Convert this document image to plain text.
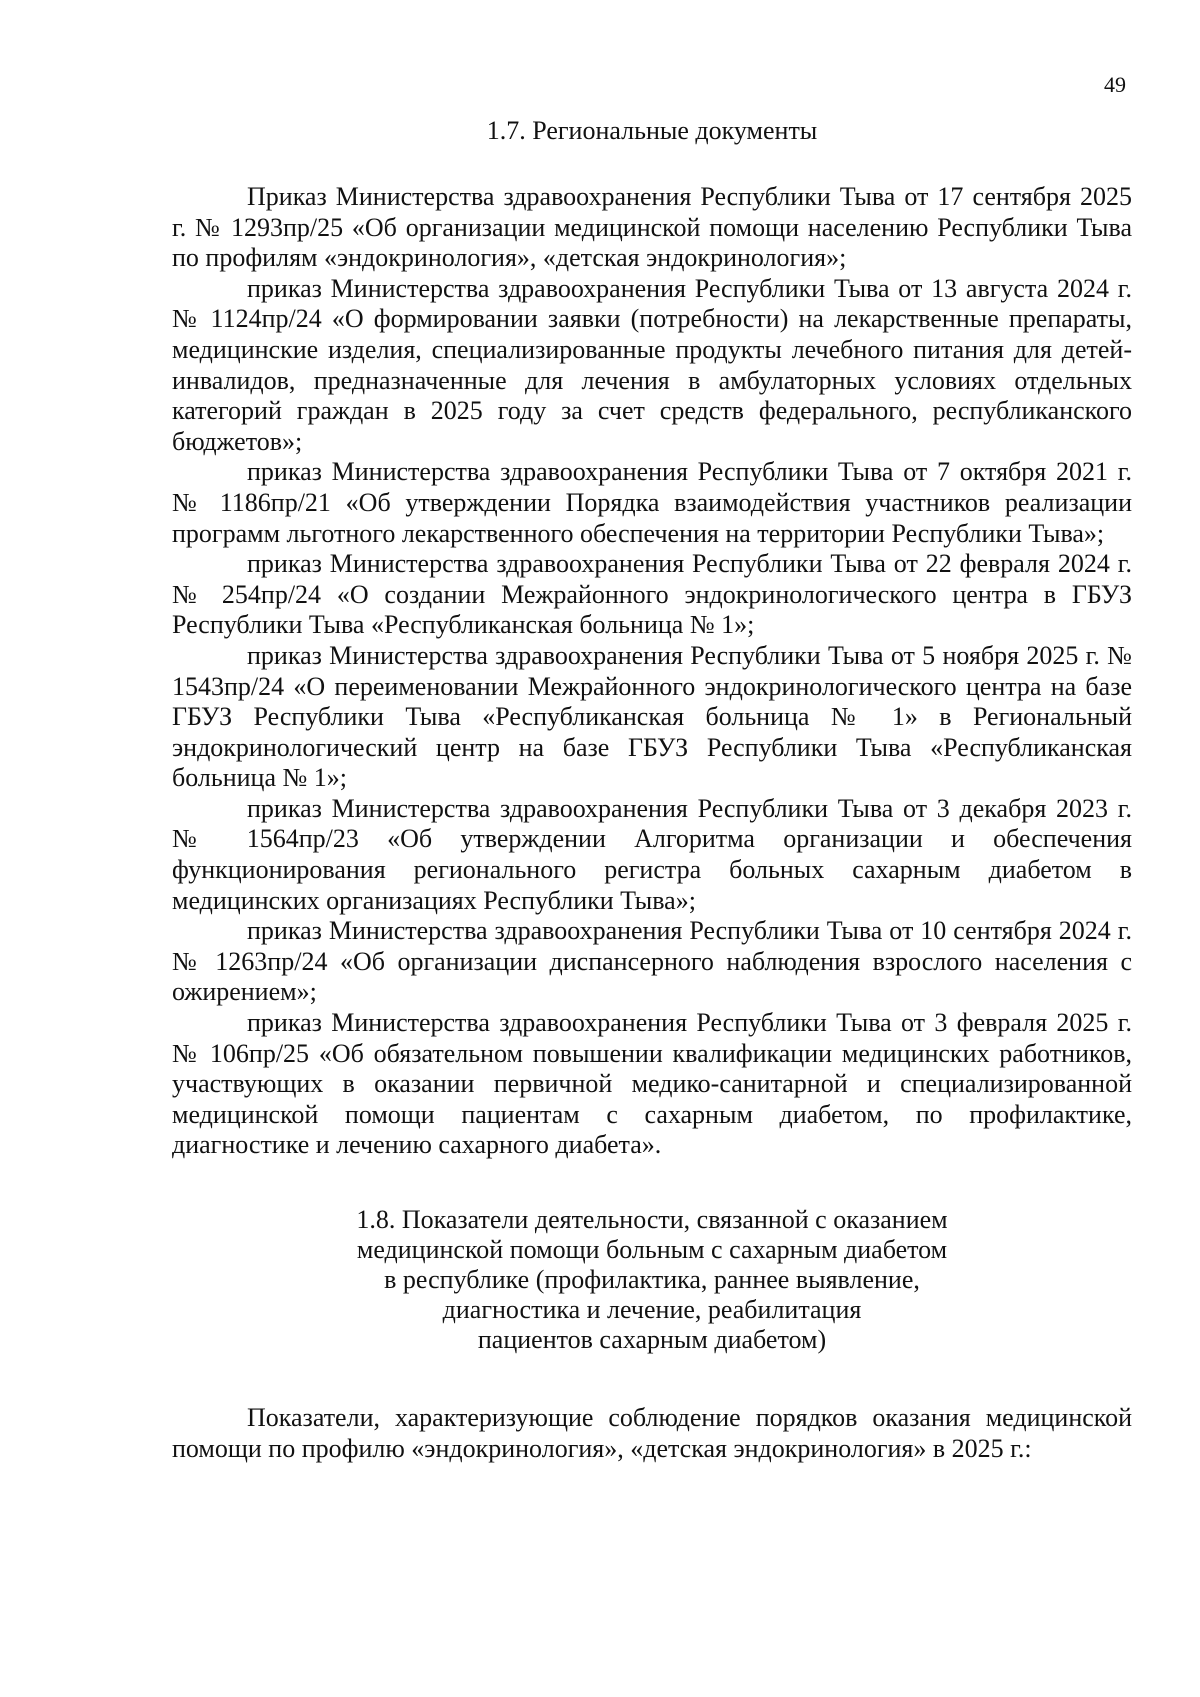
49
1.7. Региональные документы

Приказ Министерства здравоохранения Республики Тыва от 17 сентября 2025 г. № 1293пр/25 «Об организации медицинской помощи населению Республики Тыва по профилям «эндокринология», «детская эндокринология»;

приказ Министерства здравоохранения Республики Тыва от 13 августа 2024 г. № 1124пр/24 «О формировании заявки (потребности) на лекарственные препараты, медицинские изделия, специализированные продукты лечебного питания для детей-инвалидов, предназначенные для лечения в амбулаторных условиях отдельных категорий граждан в 2025 году за счет средств федерального, республиканского бюджетов»;

приказ Министерства здравоохранения Республики Тыва от 7 октября 2021 г. № 1186пр/21 «Об утверждении Порядка взаимодействия участников реализации программ льготного лекарственного обеспечения на территории Республики Тыва»;

приказ Министерства здравоохранения Республики Тыва от 22 февраля 2024 г. № 254пр/24 «О создании Межрайонного эндокринологического центра в ГБУЗ Республики Тыва «Республиканская больница № 1»;

приказ Министерства здравоохранения Республики Тыва от 5 ноября 2025 г. № 1543пр/24 «О переименовании Межрайонного эндокринологического центра на базе ГБУЗ Республики Тыва «Республиканская больница № 1» в Региональный эндокринологический центр на базе ГБУЗ Республики Тыва «Республиканская больница № 1»;

приказ Министерства здравоохранения Республики Тыва от 3 декабря 2023 г. № 1564пр/23 «Об утверждении Алгоритма организации и обеспечения функционирования регионального регистра больных сахарным диабетом в медицинских организациях Республики Тыва»;

приказ Министерства здравоохранения Республики Тыва от 10 сентября 2024 г. № 1263пр/24 «Об организации диспансерного наблюдения взрослого населения с ожирением»;

приказ Министерства здравоохранения Республики Тыва от 3 февраля 2025 г. № 106пр/25 «Об обязательном повышении квалификации медицинских работников, участвующих в оказании первичной медико-санитарной и специализированной медицинской помощи пациентам с сахарным диабетом, по профилактике, диагностике и лечению сахарного диабета».

1.8. Показатели деятельности, связанной с оказанием
медицинской помощи больным с сахарным диабетом
в республике (профилактика, раннее выявление,
диагностика и лечение, реабилитация
пациентов сахарным диабетом)

Показатели, характеризующие соблюдение порядков оказания медицинской помощи по профилю «эндокринология», «детская эндокринология» в 2025 г.:
